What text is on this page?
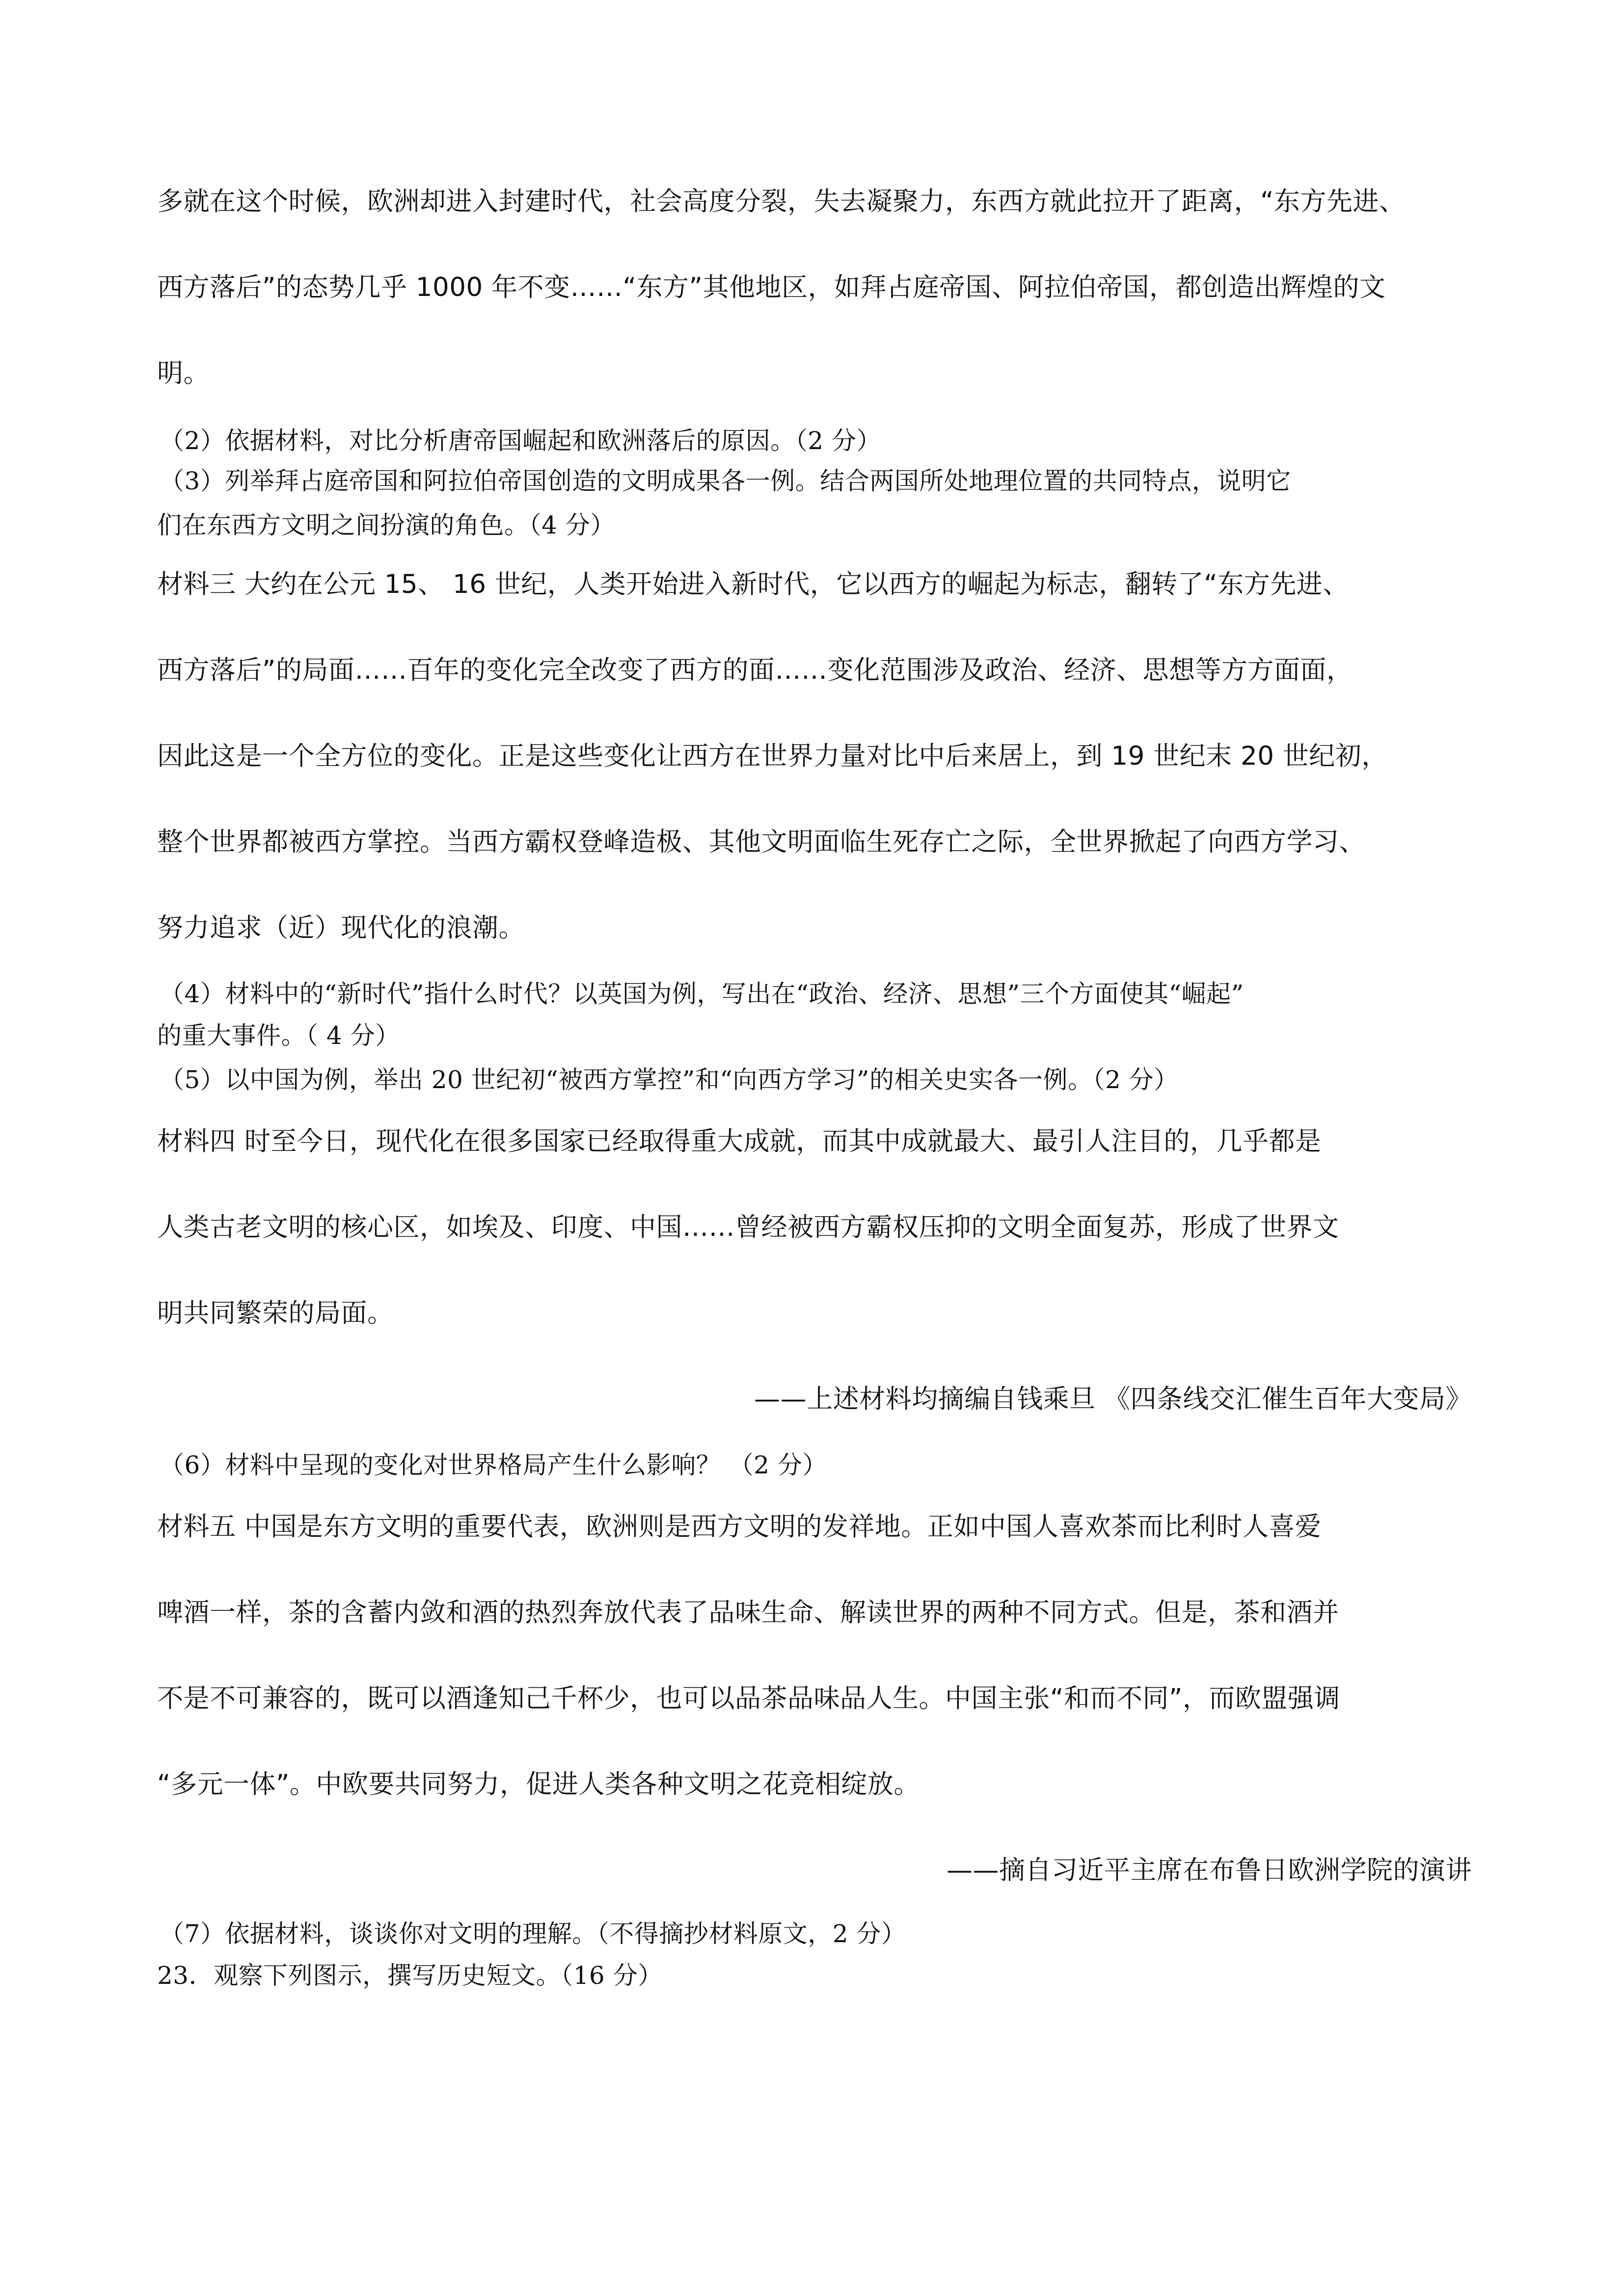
多就在这个时候，欧洲却进入封建时代，社会高度分裂，失去凝聚力，东西方就此拉开了距离，“东方先进、

西方落后”的态势几乎 1000 年不变……“东方”其他地区，如拜占庭帝国、阿拉伯帝国，都创造出辉煌的文

明。

（2）依据材料，对比分析唐帝国崛起和欧洲落后的原因。（2 分）

（3）列举拜占庭帝国和阿拉伯帝国创造的文明成果各一例。结合两国所处地理位置的共同特点，说明它

们在东西方文明之间扮演的角色。（4 分）

材料三 大约在公元 15、 16 世纪，人类开始进入新时代，它以西方的崛起为标志，翻转了“东方先进、

西方落后”的局面……百年的变化完全改变了西方的面……变化范围涉及政治、经济、思想等方方面面，

因此这是一个全方位的变化。正是这些变化让西方在世界力量对比中后来居上，到 19 世纪末 20 世纪初，

整个世界都被西方掌控。当西方霸权登峰造极、其他文明面临生死存亡之际，全世界掀起了向西方学习、

努力追求（近）现代化的浪潮。

（4）材料中的“新时代”指什么时代？以英国为例，写出在“政治、经济、思想”三个方面使其“崛起”

的重大事件。（ 4 分）

（5）以中国为例，举出 20 世纪初“被西方掌控”和“向西方学习”的相关史实各一例。（2 分）

材料四 时至今日，现代化在很多国家已经取得重大成就，而其中成就最大、最引人注目的，几乎都是

人类古老文明的核心区，如埃及、印度、中国……曾经被西方霸权压抑的文明全面复苏，形成了世界文

明共同繁荣的局面。

——上述材料均摘编自钱乘旦 《四条线交汇催生百年大变局》

（6）材料中呈现的变化对世界格局产生什么影响？ （2 分）

材料五 中国是东方文明的重要代表，欧洲则是西方文明的发祥地。正如中国人喜欢茶而比利时人喜爱

啤酒一样，茶的含蓄内敛和酒的热烈奔放代表了品味生命、解读世界的两种不同方式。但是，茶和酒并

不是不可兼容的，既可以酒逢知己千杯少，也可以品茶品味品人生。中国主张“和而不同”，而欧盟强调

“多元一体”。中欧要共同努力，促进人类各种文明之花竞相绽放。

——摘自习近平主席在布鲁日欧洲学院的演讲

（7）依据材料，谈谈你对文明的理解。（不得摘抄材料原文，2 分）

23．观察下列图示，撰写历史短文。（16 分）
